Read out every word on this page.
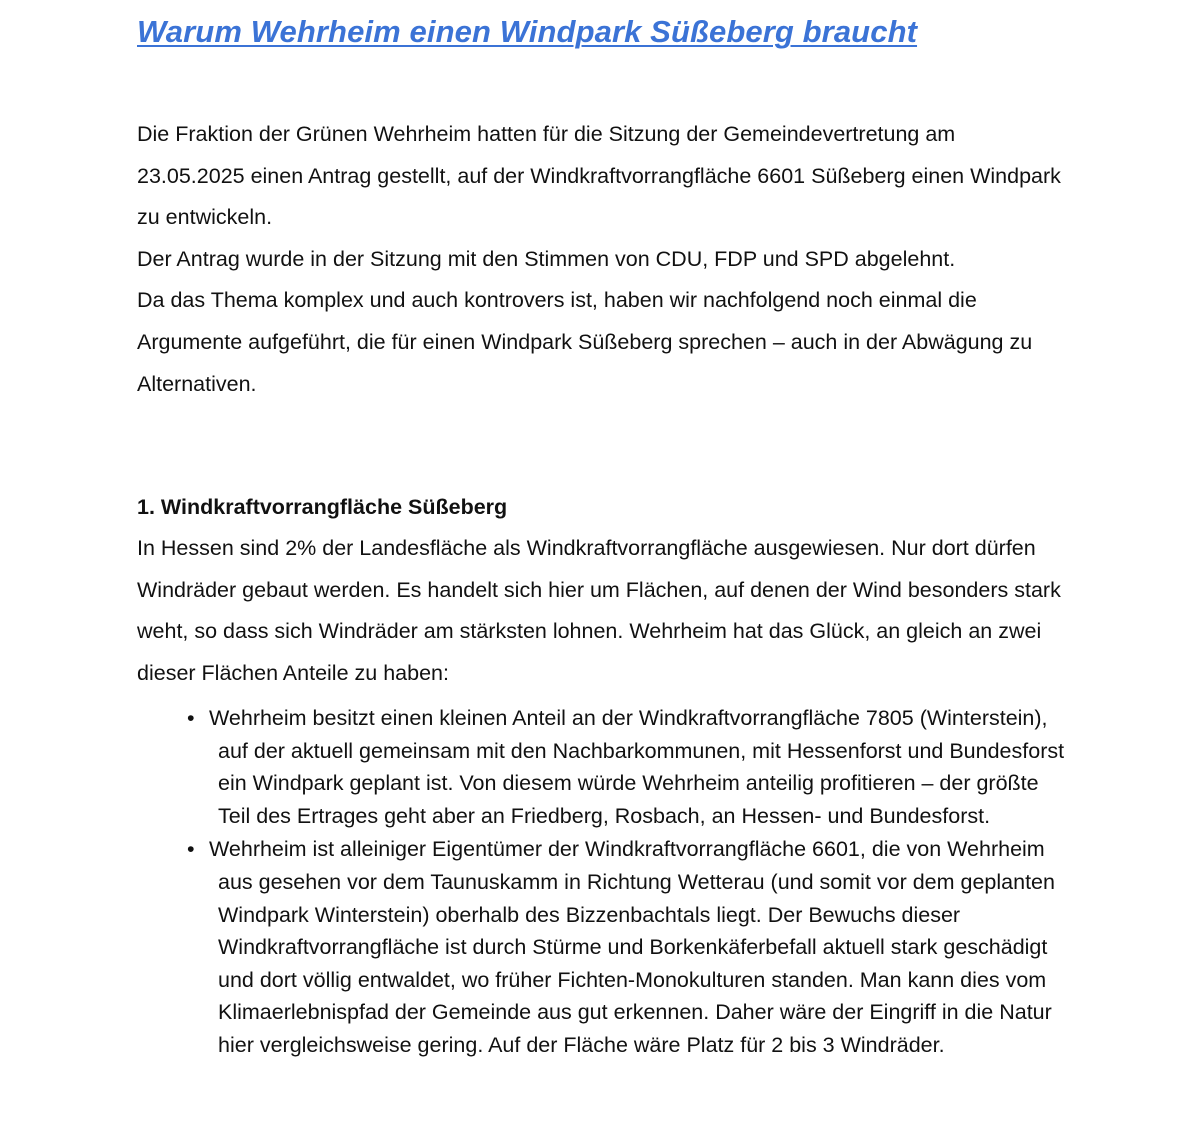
Warum Wehrheim einen Windpark Süßeberg braucht

Die Fraktion der Grünen Wehrheim hatten für die Sitzung der Gemeindevertretung am 23.05.2025 einen Antrag gestellt, auf der Windkraftvorrangfläche 6601 Süßeberg einen Windpark zu entwickeln.

Der Antrag wurde in der Sitzung mit den Stimmen von CDU, FDP und SPD abgelehnt.

Da das Thema komplex und auch kontrovers ist, haben wir nachfolgend noch einmal die Argumente aufgeführt, die für einen Windpark Süßeberg sprechen – auch in der Abwägung zu Alternativen.

1. Windkraftvorrangfläche Süßeberg

In Hessen sind 2% der Landesfläche als Windkraftvorrangfläche ausgewiesen. Nur dort dürfen Windräder gebaut werden. Es handelt sich hier um Flächen, auf denen der Wind besonders stark weht, so dass sich Windräder am stärksten lohnen. Wehrheim hat das Glück, an gleich an zwei dieser Flächen Anteile zu haben:

• Wehrheim besitzt einen kleinen Anteil an der Windkraftvorrangfläche 7805 (Winterstein), auf der aktuell gemeinsam mit den Nachbarkommunen, mit Hessenforst und Bundesforst ein Windpark geplant ist. Von diesem würde Wehrheim anteilig profitieren – der größte Teil des Ertrages geht aber an Friedberg, Rosbach, an Hessen- und Bundesforst.
• Wehrheim ist alleiniger Eigentümer der Windkraftvorrangfläche 6601, die von Wehrheim aus gesehen vor dem Taunuskamm in Richtung Wetterau (und somit vor dem geplanten Windpark Winterstein) oberhalb des Bizzenbachtals liegt. Der Bewuchs dieser Windkraftvorrangfläche ist durch Stürme und Borkenkäferbefall aktuell stark geschädigt und dort völlig entwaldet, wo früher Fichten-Monokulturen standen. Man kann dies vom Klimaerlebnispfad der Gemeinde aus gut erkennen. Daher wäre der Eingriff in die Natur hier vergleichsweise gering. Auf der Fläche wäre Platz für 2 bis 3 Windräder.
